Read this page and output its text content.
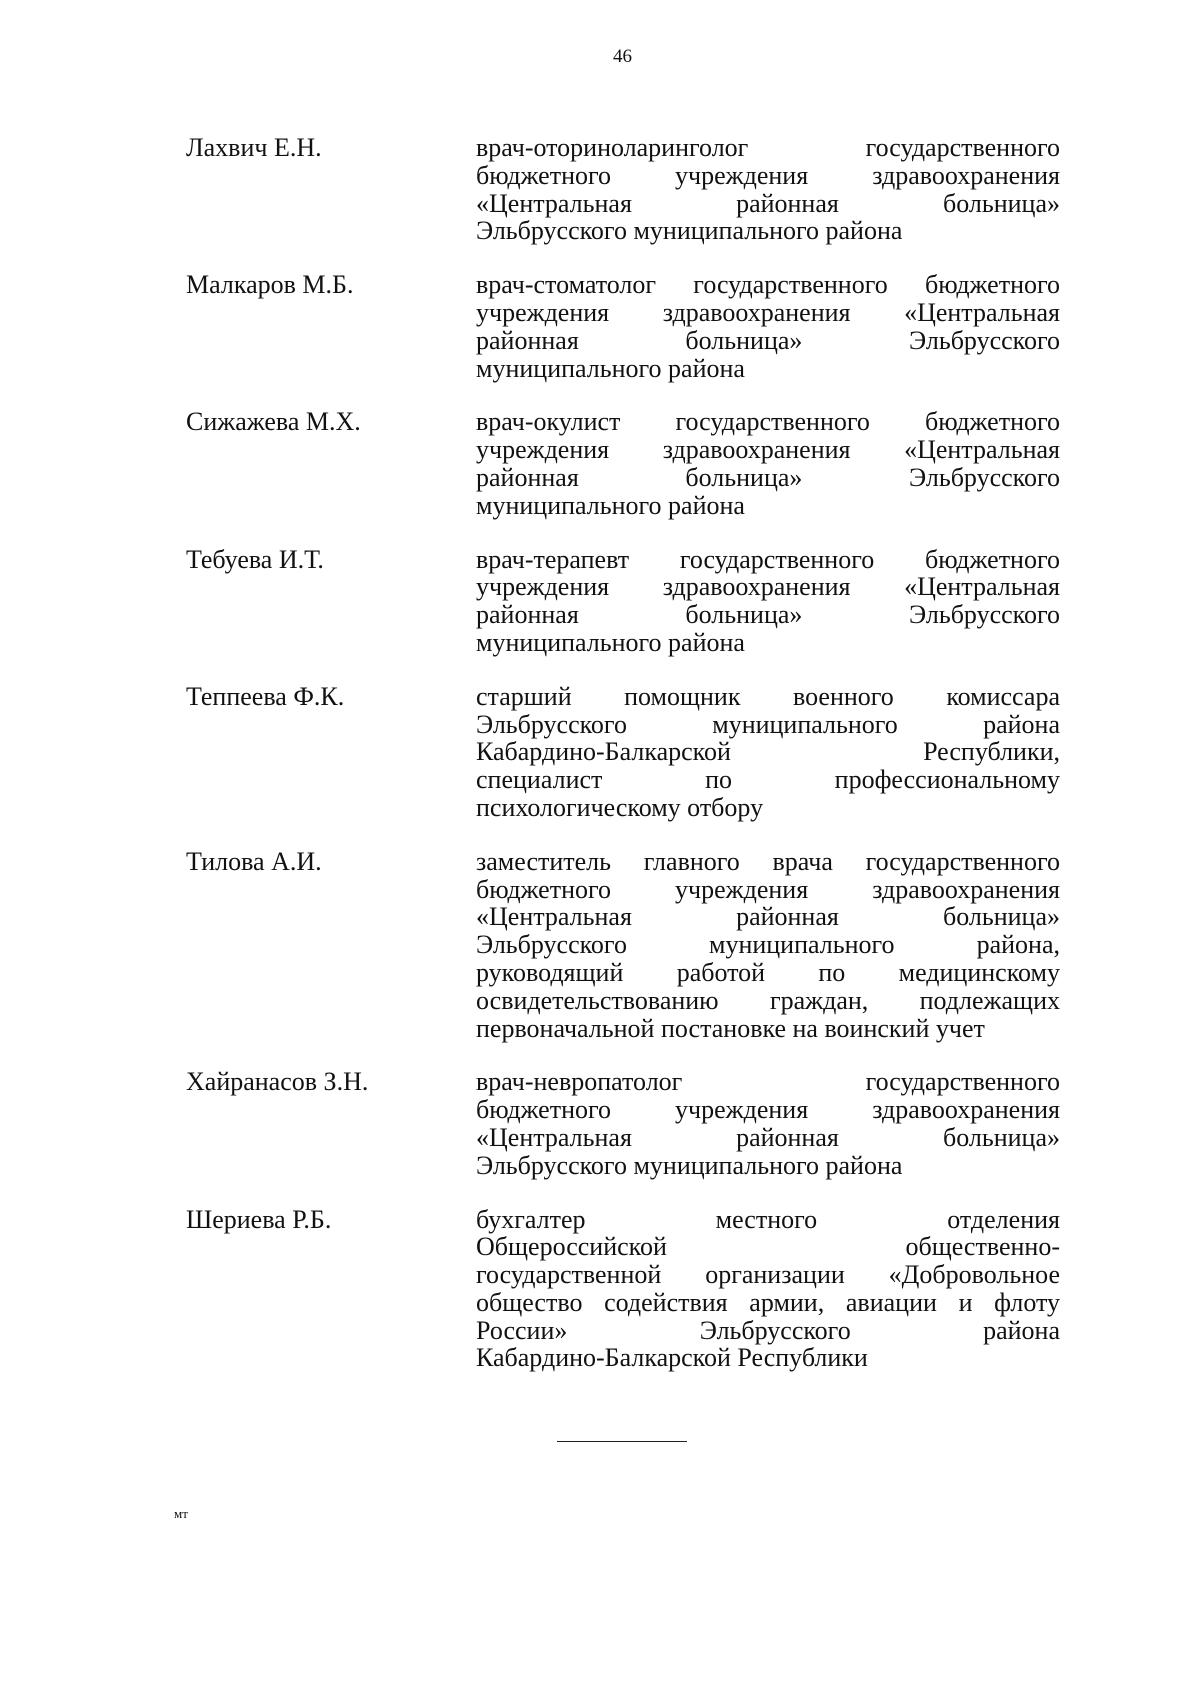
46
Лахвич Е.Н.	врач-оториноларинголог государственного
бюджетного учреждения здравоохранения
«Центральная районная больница»
Эльбрусского муниципального района
Малкаров М.Б.	врач-стоматолог государственного бюджетного
учреждения здравоохранения «Центральная
районная больница» Эльбрусского
муниципального района
Сижажева М.Х.	врач-окулист государственного бюджетного
учреждения здравоохранения «Центральная
районная больница» Эльбрусского
муниципального района
Тебуева И.Т.	врач-терапевт государственного бюджетного
учреждения здравоохранения «Центральная
районная больница» Эльбрусского
муниципального района
Теппеева Ф.К.	старший помощник военного комиссара
Эльбрусского муниципального района
Кабардино-Балкарской Республики,
специалист по профессиональному
психологическому отбору
Тилова А.И.	заместитель главного врача государственного
бюджетного учреждения здравоохранения
«Центральная районная больница»
Эльбрусского муниципального района,
руководящий работой по медицинскому
освидетельствованию граждан, подлежащих
первоначальной постановке на воинский учет
Хайранасов З.Н.	врач-невропатолог государственного
бюджетного учреждения здравоохранения
«Центральная районная больница»
Эльбрусского муниципального района
Шериева Р.Б.	бухгалтер местного отделения
Общероссийской общественно-
государственной организации «Добровольное
общество содействия армии, авиации и флоту
России» Эльбрусского района
Кабардино-Балкарской Республики
мт
